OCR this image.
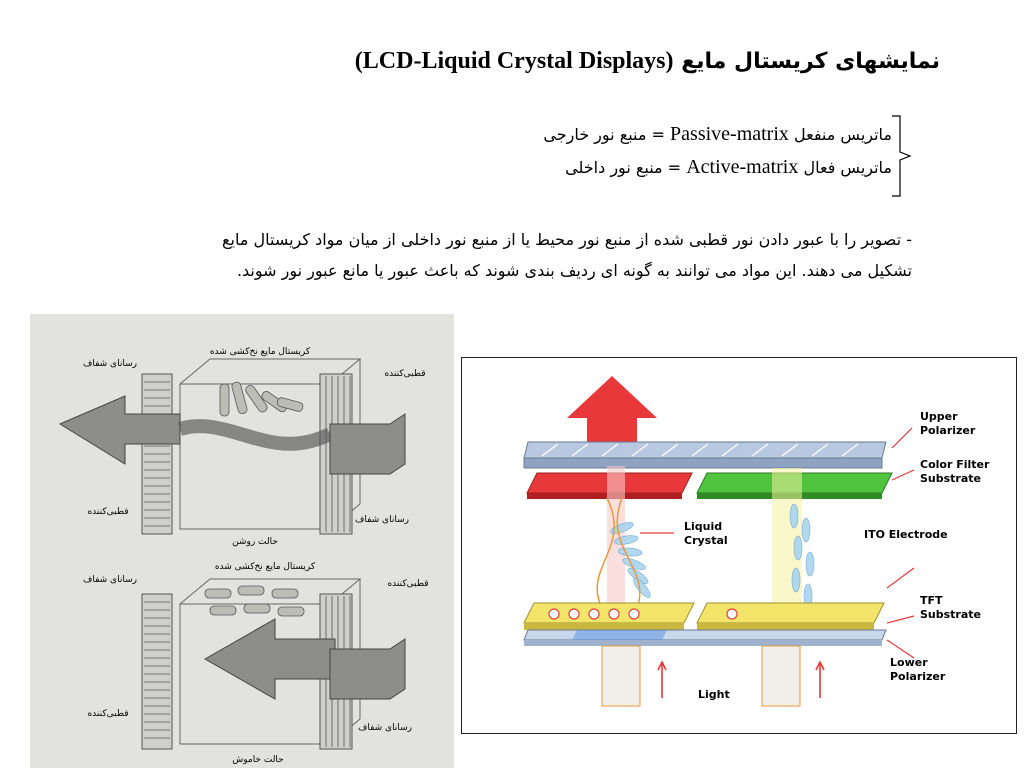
نمایشهای کریستال مایع (LCD-Liquid Crystal Displays)
ماتریس منفعل Passive-matrix = منبع نور خارجی
ماتریس فعال Active-matrix = منبع نور داخلی
- تصویر را با عبور دادن نور قطبی شده از منبع نور محیط یا از منبع نور داخلی از میان مواد کریستال مایع
تشکیل می دهند. این مواد می توانند به گونه ای ردیف بندی شوند که باعث عبور یا مانع عبور نور شوند.
کریستال مایع نخ‌کشی شده
رسانای شفاف
قطبی‌کننده
قطبی‌کننده
رسانای شفاف
حالت روشن
کریستال مایع نخ‌کشی شده
رسانای شفاف	قطبی‌کننده
قطبی‌کننده
رسانای شفاف
حالت خاموش
Upper
Polarizer
Color Filter
Substrate
Liquid
Crystal	ITO Electrode
TFT
Substrate
Lower
Polarizer
Light
